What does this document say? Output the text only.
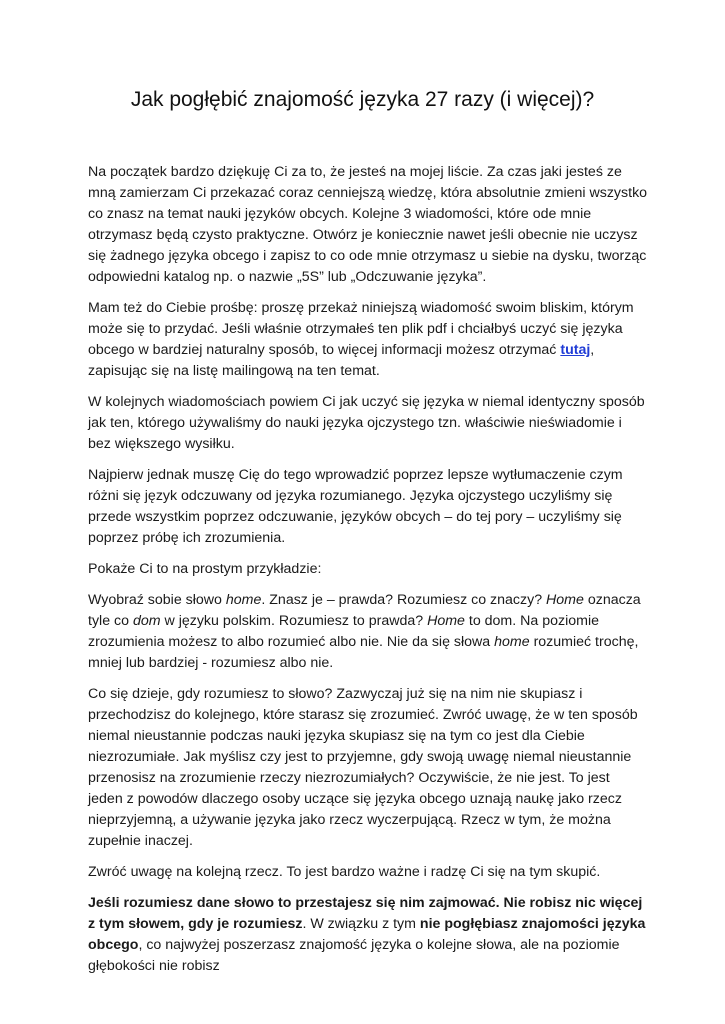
Jak pogłębić znajomość języka 27 razy (i więcej)?

Na początek bardzo dziękuję Ci za to, że jesteś na mojej liście. Za czas jaki jesteś ze mną zamierzam Ci przekazać coraz cenniejszą wiedzę, która absolutnie zmieni wszystko co znasz na temat nauki języków obcych. Kolejne 3 wiadomości, które ode mnie otrzymasz będą czysto praktyczne. Otwórz je koniecznie nawet jeśli obecnie nie uczysz się żadnego języka obcego i zapisz to co ode mnie otrzymasz u siebie na dysku, tworząc odpowiedni katalog np. o nazwie „5S” lub „Odczuwanie języka”.

Mam też do Ciebie prośbę: proszę przekaż niniejszą wiadomość swoim bliskim, którym może się to przydać. Jeśli właśnie otrzymałeś ten plik pdf i chciałbyś uczyć się języka obcego w bardziej naturalny sposób, to więcej informacji możesz otrzymać tutaj, zapisując się na listę mailingową na ten temat.

W kolejnych wiadomościach powiem Ci jak uczyć się języka w niemal identyczny sposób jak ten, którego używaliśmy do nauki języka ojczystego tzn. właściwie nieświadomie i bez większego wysiłku.

Najpierw jednak muszę Cię do tego wprowadzić poprzez lepsze wytłumaczenie czym różni się język odczuwany od języka rozumianego. Języka ojczystego uczyliśmy się przede wszystkim poprzez odczuwanie, języków obcych – do tej pory – uczyliśmy się poprzez próbę ich zrozumienia.

Pokaże Ci to na prostym przykładzie:

Wyobraź sobie słowo home. Znasz je – prawda? Rozumiesz co znaczy? Home oznacza tyle co dom w języku polskim. Rozumiesz to prawda? Home to dom. Na poziomie zrozumienia możesz to albo rozumieć albo nie. Nie da się słowa home rozumieć trochę, mniej lub bardziej - rozumiesz albo nie.

Co się dzieje, gdy rozumiesz to słowo? Zazwyczaj już się na nim nie skupiasz i przechodzisz do kolejnego, które starasz się zrozumieć. Zwróć uwagę, że w ten sposób niemal nieustannie podczas nauki języka skupiasz się na tym co jest dla Ciebie niezrozumiałe. Jak myślisz czy jest to przyjemne, gdy swoją uwagę niemal nieustannie przenosisz na zrozumienie rzeczy niezrozumiałych? Oczywiście, że nie jest. To jest jeden z powodów dlaczego osoby uczące się języka obcego uznają naukę jako rzecz nieprzyjemną, a używanie języka jako rzecz wyczerpującą. Rzecz w tym, że można zupełnie inaczej.

Zwróć uwagę na kolejną rzecz. To jest bardzo ważne i radzę Ci się na tym skupić.

Jeśli rozumiesz dane słowo to przestajesz się nim zajmować. Nie robisz nic więcej z tym słowem, gdy je rozumiesz. W związku z tym nie pogłębiasz znajomości języka obcego, co najwyżej poszerzasz znajomość języka o kolejne słowa, ale na poziomie głębokości nie robisz
